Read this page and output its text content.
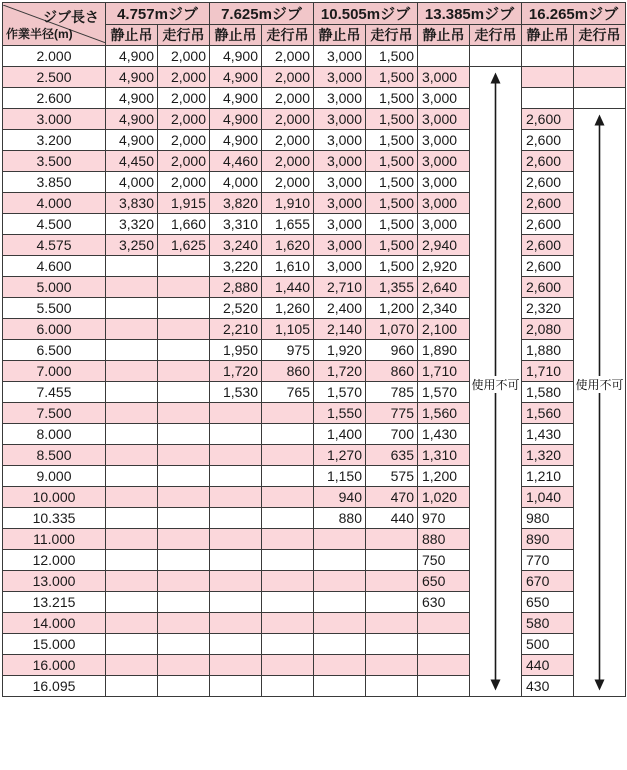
ジブ長さ
作業半径(m)	4.757mジブ		7.625mジブ		10.505mジブ		13.385mジブ		16.265mジブ	
	静止吊	走行吊	静止吊	走行吊	静止吊	走行吊	静止吊	走行吊	静止吊	走行吊
2.000	4,900	2,000	4,900	2,000	3,000	1,500				
2.500	4,900	2,000	4,900	2,000	3,000	1,500	3,000			
2.600	4,900	2,000	4,900	2,000	3,000	1,500	3,000			
3.000	4,900	2,000	4,900	2,000	3,000	1,500	3,000		2,600	
3.200	4,900	2,000	4,900	2,000	3,000	1,500	3,000		2,600	
3.500	4,450	2,000	4,460	2,000	3,000	1,500	3,000		2,600	
3.850	4,000	2,000	4,000	2,000	3,000	1,500	3,000		2,600	
4.000	3,830	1,915	3,820	1,910	3,000	1,500	3,000		2,600	
4.500	3,320	1,660	3,310	1,655	3,000	1,500	3,000		2,600	
4.575	3,250	1,625	3,240	1,620	3,000	1,500	2,940		2,600	
4.600			3,220	1,610	3,000	1,500	2,920		2,600	
5.000			2,880	1,440	2,710	1,355	2,640		2,600	
5.500			2,520	1,260	2,400	1,200	2,340		2,320	
6.000			2,210	1,105	2,140	1,070	2,100		2,080	
6.500			1,950	975	1,920	960	1,890		1,880	
7.000			1,720	860	1,720	860	1,710		1,710	
7.455			1,530	765	1,570	785	1,570		1,580	
7.500					1,550	775	1,560		1,560	
8.000					1,400	700	1,430		1,430	
8.500					1,270	635	1,310		1,320	
9.000					1,150	575	1,200		1,210	
10.000					940	470	1,020		1,040	
10.335					880	440	970		980	
11.000							880		890	
12.000							750		770	
13.000							650		670	
13.215							630		650	
14.000									580	
15.000									500	
16.000									440	
16.095									430	
使用不可	使用不可
